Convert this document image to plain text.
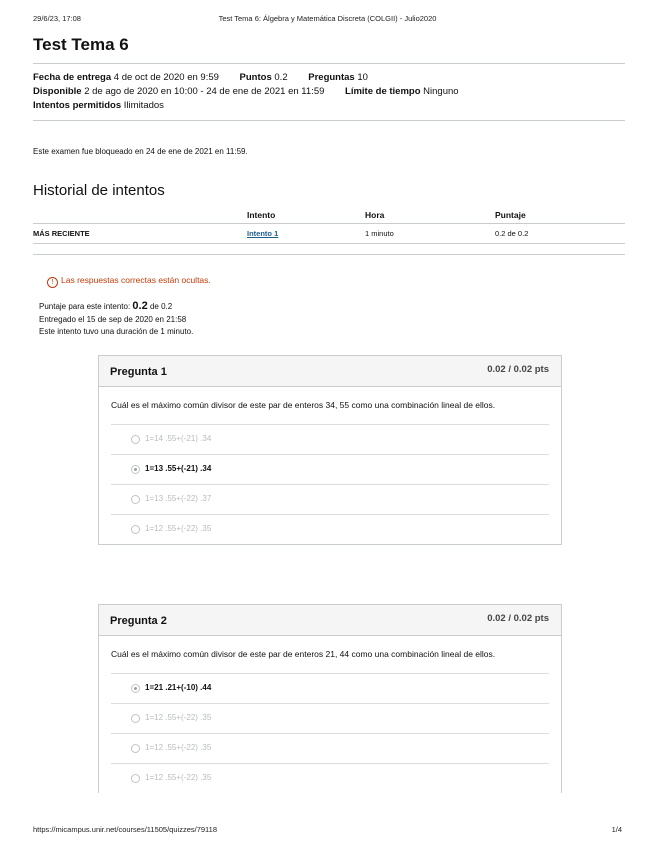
29/6/23, 17:08	Test Tema 6: Álgebra y Matemática Discreta (COLGII) - Julio2020
Test Tema 6
Fecha de entrega 4 de oct de 2020 en 9:59 Puntos 0.2 Preguntas 10
Disponible 2 de ago de 2020 en 10:00 - 24 de ene de 2021 en 11:59 Límite de tiempo Ninguno
Intentos permitidos Ilimitados

Este examen fue bloqueado en 24 de ene de 2021 en 11:59.

Historial de intentos
	Intento	Hora	Puntaje
MÁS RECIENTE	Intento 1	1 minuto	0.2 de 0.2
! Las respuestas correctas están ocultas.
Puntaje para este intento: 0.2 de 0.2
Entregado el 15 de sep de 2020 en 21:58
Este intento tuvo una duración de 1 minuto.
Pregunta 1	0.02 / 0.02 pts

Cuál es el máximo común divisor de este par de enteros 34, 55 como una combinación lineal de ellos.

1=14 .55+(-21) .34
1=13 .55+(-21) .34
1=13 .55+(-22) .37
1=12 .55+(-22) .35
Pregunta 2	0.02 / 0.02 pts

Cuál es el máximo común divisor de este par de enteros 21, 44 como una combinación lineal de ellos.

1=21 .21+(-10) .44
1=12 .55+(-22) .35
1=12 .55+(-22) .35
1=12 .55+(-22) .35
https://micampus.unir.net/courses/11505/quizzes/79118	1/4
